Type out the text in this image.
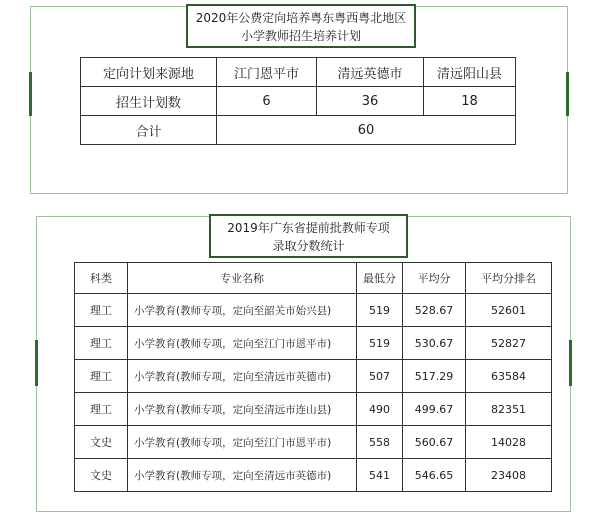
2020年公费定向培养粤东粤西粤北地区
小学教师招生培养计划
定向计划来源地	江门恩平市	清远英德市	清远阳山县
招生计划数	6	36	18
合计	60		
2019年广东省提前批教师专项
录取分数统计
科类	专业名称	最低分	平均分	平均分排名
理工	小学教育(教师专项，定向至韶关市始兴县)	519	528.67	52601
理工	小学教育(教师专项，定向至江门市恩平市)	519	530.67	52827
理工	小学教育(教师专项，定向至清远市英德市)	507	517.29	63584
理工	小学教育(教师专项，定向至清远市连山县)	490	499.67	82351
文史	小学教育(教师专项，定向至江门市恩平市)	558	560.67	14028
文史	小学教育(教师专项，定向至清远市英德市)	541	546.65	23408
